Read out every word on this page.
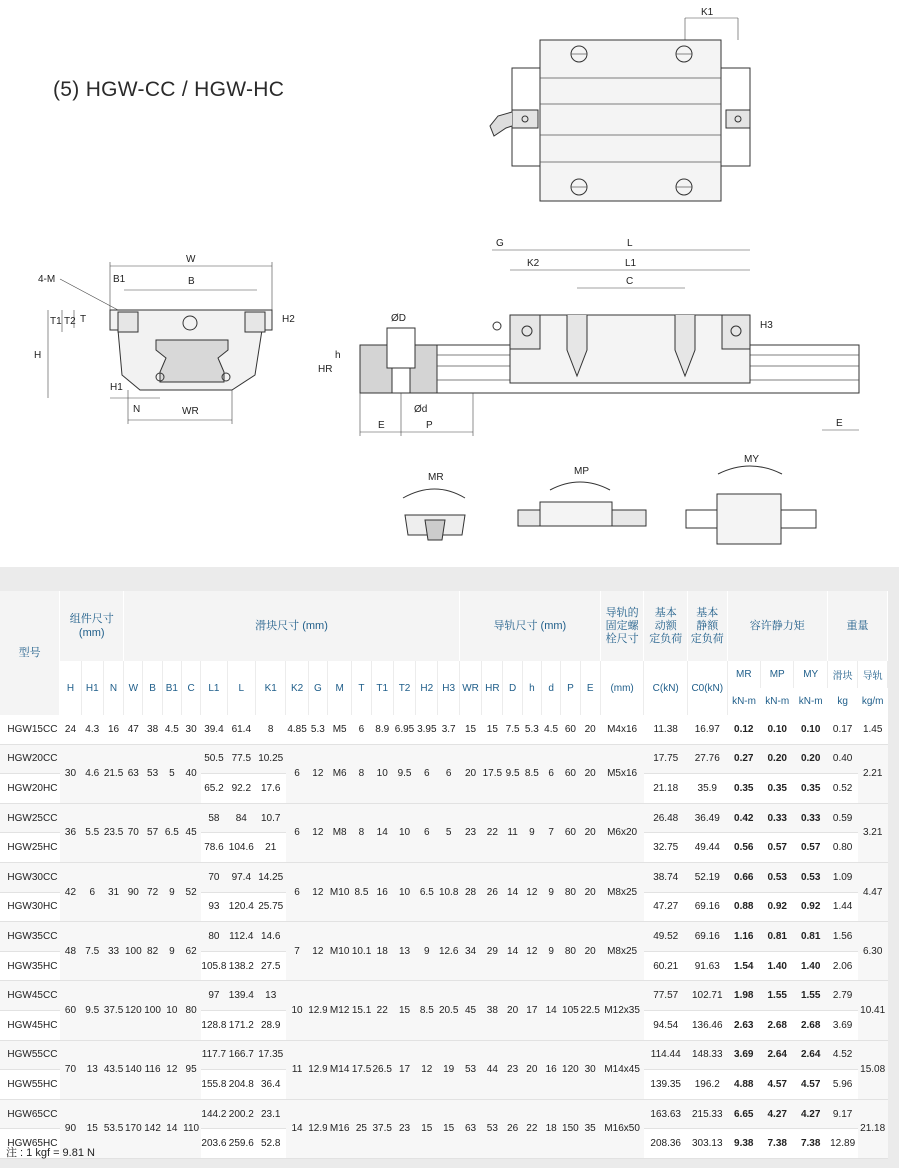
(5) HGW-CC / HGW-HC
K1
W
B1	B
4-M
N	WR
H
T1 T2 T	H2
H1
ØD
h
HR
Ød
E	P
L
L1
C
G
K2
H3
E
MR
MP
MY
型号	组件尺寸
(mm)			滑块尺寸 (mm)															导轨尺寸 (mm)							导轨的
固定螺
栓尺寸	基本
动额
定负荷	基本
静额
定负荷	容许静力矩			重量	
	H	H1	N	W	B	B1	C	L1	L	K1	K2	G	M	T	T1	T2	H2	H3	WR	HR	D	h	d	P	E	(mm)	C(kN)	C0(kN)	MR	MP	MY	滑块	导轨
																													kN-m	kN-m	kN-m	kg	kg/m
HGW15CC	24	4.3	16	47	38	4.5	30	39.4	61.4	8	4.85	5.3	M5	6	8.9	6.95	3.95	3.7	15	15	7.5	5.3	4.5	60	20	M4x16	11.38	16.97	0.12	0.10	0.10	0.17	1.45
HGW20CC	30	4.6	21.5	63	53	5	40	50.5	77.5	10.25	6	12	M6	8	10	9.5	6	6	20	17.5	9.5	8.5	6	60	20	M5x16	17.75	27.76	0.27	0.20	0.20	0.40	2.21
HGW20HC								65.2	92.2	17.6																	21.18	35.9	0.35	0.35	0.35	0.52	
HGW25CC	36	5.5	23.5	70	57	6.5	45	58	84	10.7	6	12	M8	8	14	10	6	5	23	22	11	9	7	60	20	M6x20	26.48	36.49	0.42	0.33	0.33	0.59	3.21
HGW25HC								78.6	104.6	21																	32.75	49.44	0.56	0.57	0.57	0.80	
HGW30CC	42	6	31	90	72	9	52	70	97.4	14.25	6	12	M10	8.5	16	10	6.5	10.8	28	26	14	12	9	80	20	M8x25	38.74	52.19	0.66	0.53	0.53	1.09	4.47
HGW30HC								93	120.4	25.75																	47.27	69.16	0.88	0.92	0.92	1.44	
HGW35CC	48	7.5	33	100	82	9	62	80	112.4	14.6	7	12	M10	10.1	18	13	9	12.6	34	29	14	12	9	80	20	M8x25	49.52	69.16	1.16	0.81	0.81	1.56	6.30
HGW35HC								105.8	138.2	27.5																	60.21	91.63	1.54	1.40	1.40	2.06	
HGW45CC	60	9.5	37.5	120	100	10	80	97	139.4	13	10	12.9	M12	15.1	22	15	8.5	20.5	45	38	20	17	14	105	22.5	M12x35	77.57	102.71	1.98	1.55	1.55	2.79	10.41
HGW45HC								128.8	171.2	28.9																	94.54	136.46	2.63	2.68	2.68	3.69	
HGW55CC	70	13	43.5	140	116	12	95	117.7	166.7	17.35	11	12.9	M14	17.5	26.5	17	12	19	53	44	23	20	16	120	30	M14x45	114.44	148.33	3.69	2.64	2.64	4.52	15.08
HGW55HC								155.8	204.8	36.4																	139.35	196.2	4.88	4.57	4.57	5.96	
HGW65CC	90	15	53.5	170	142	14	110	144.2	200.2	23.1	14	12.9	M16	25	37.5	23	15	15	63	53	26	22	18	150	35	M16x50	163.63	215.33	6.65	4.27	4.27	9.17	21.18
HGW65HC								203.6	259.6	52.8																	208.36	303.13	9.38	7.38	7.38	12.89	
注 : 1 kgf = 9.81 N
